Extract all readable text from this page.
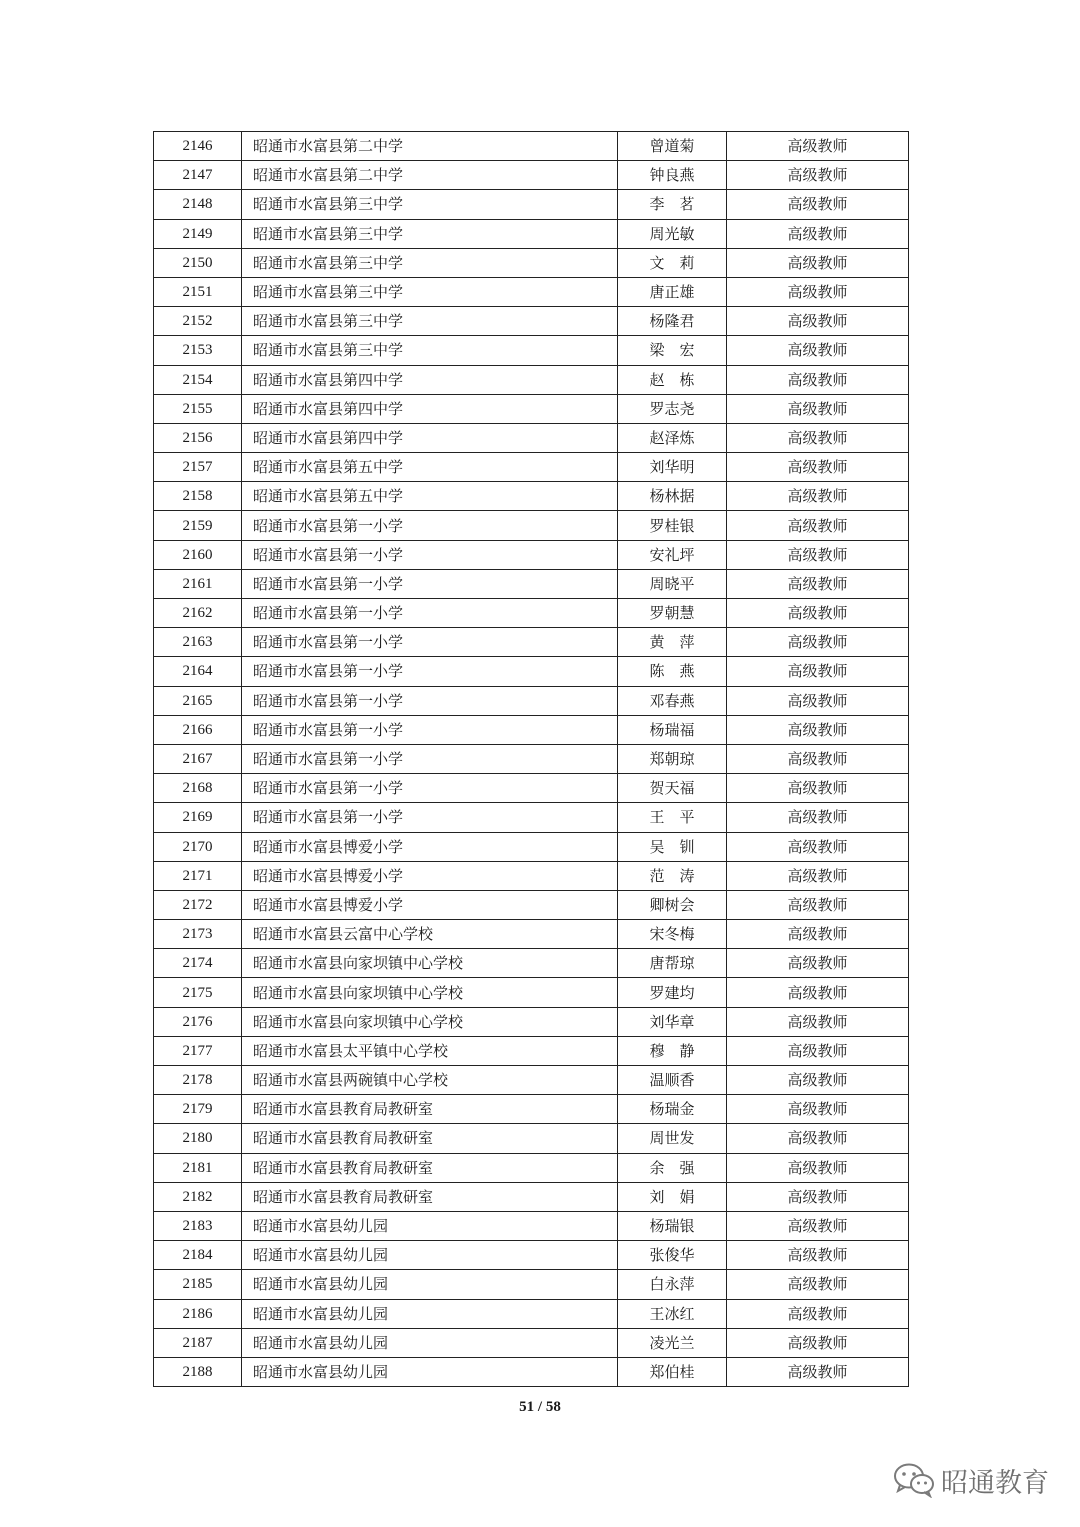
2146	昭通市水富县第二中学	曾道菊	高级教师
2147	昭通市水富县第二中学	钟良燕	高级教师
2148	昭通市水富县第三中学	李　茗	高级教师
2149	昭通市水富县第三中学	周光敏	高级教师
2150	昭通市水富县第三中学	文　莉	高级教师
2151	昭通市水富县第三中学	唐正雄	高级教师
2152	昭通市水富县第三中学	杨隆君	高级教师
2153	昭通市水富县第三中学	梁　宏	高级教师
2154	昭通市水富县第四中学	赵　栋	高级教师
2155	昭通市水富县第四中学	罗志尧	高级教师
2156	昭通市水富县第四中学	赵泽炼	高级教师
2157	昭通市水富县第五中学	刘华明	高级教师
2158	昭通市水富县第五中学	杨林据	高级教师
2159	昭通市水富县第一小学	罗桂银	高级教师
2160	昭通市水富县第一小学	安礼坪	高级教师
2161	昭通市水富县第一小学	周晓平	高级教师
2162	昭通市水富县第一小学	罗朝慧	高级教师
2163	昭通市水富县第一小学	黄　萍	高级教师
2164	昭通市水富县第一小学	陈　燕	高级教师
2165	昭通市水富县第一小学	邓春燕	高级教师
2166	昭通市水富县第一小学	杨瑞福	高级教师
2167	昭通市水富县第一小学	郑朝琼	高级教师
2168	昭通市水富县第一小学	贺天福	高级教师
2169	昭通市水富县第一小学	王　平	高级教师
2170	昭通市水富县博爱小学	吴　钏	高级教师
2171	昭通市水富县博爱小学	范　涛	高级教师
2172	昭通市水富县博爱小学	卿树会	高级教师
2173	昭通市水富县云富中心学校	宋冬梅	高级教师
2174	昭通市水富县向家坝镇中心学校	唐帮琼	高级教师
2175	昭通市水富县向家坝镇中心学校	罗建均	高级教师
2176	昭通市水富县向家坝镇中心学校	刘华章	高级教师
2177	昭通市水富县太平镇中心学校	穆　静	高级教师
2178	昭通市水富县两碗镇中心学校	温顺香	高级教师
2179	昭通市水富县教育局教研室	杨瑞金	高级教师
2180	昭通市水富县教育局教研室	周世发	高级教师
2181	昭通市水富县教育局教研室	余　强	高级教师
2182	昭通市水富县教育局教研室	刘　娟	高级教师
2183	昭通市水富县幼儿园	杨瑞银	高级教师
2184	昭通市水富县幼儿园	张俊华	高级教师
2185	昭通市水富县幼儿园	白永萍	高级教师
2186	昭通市水富县幼儿园	王冰红	高级教师
2187	昭通市水富县幼儿园	凌光兰	高级教师
2188	昭通市水富县幼儿园	郑伯桂	高级教师
51 / 58
昭通教育
